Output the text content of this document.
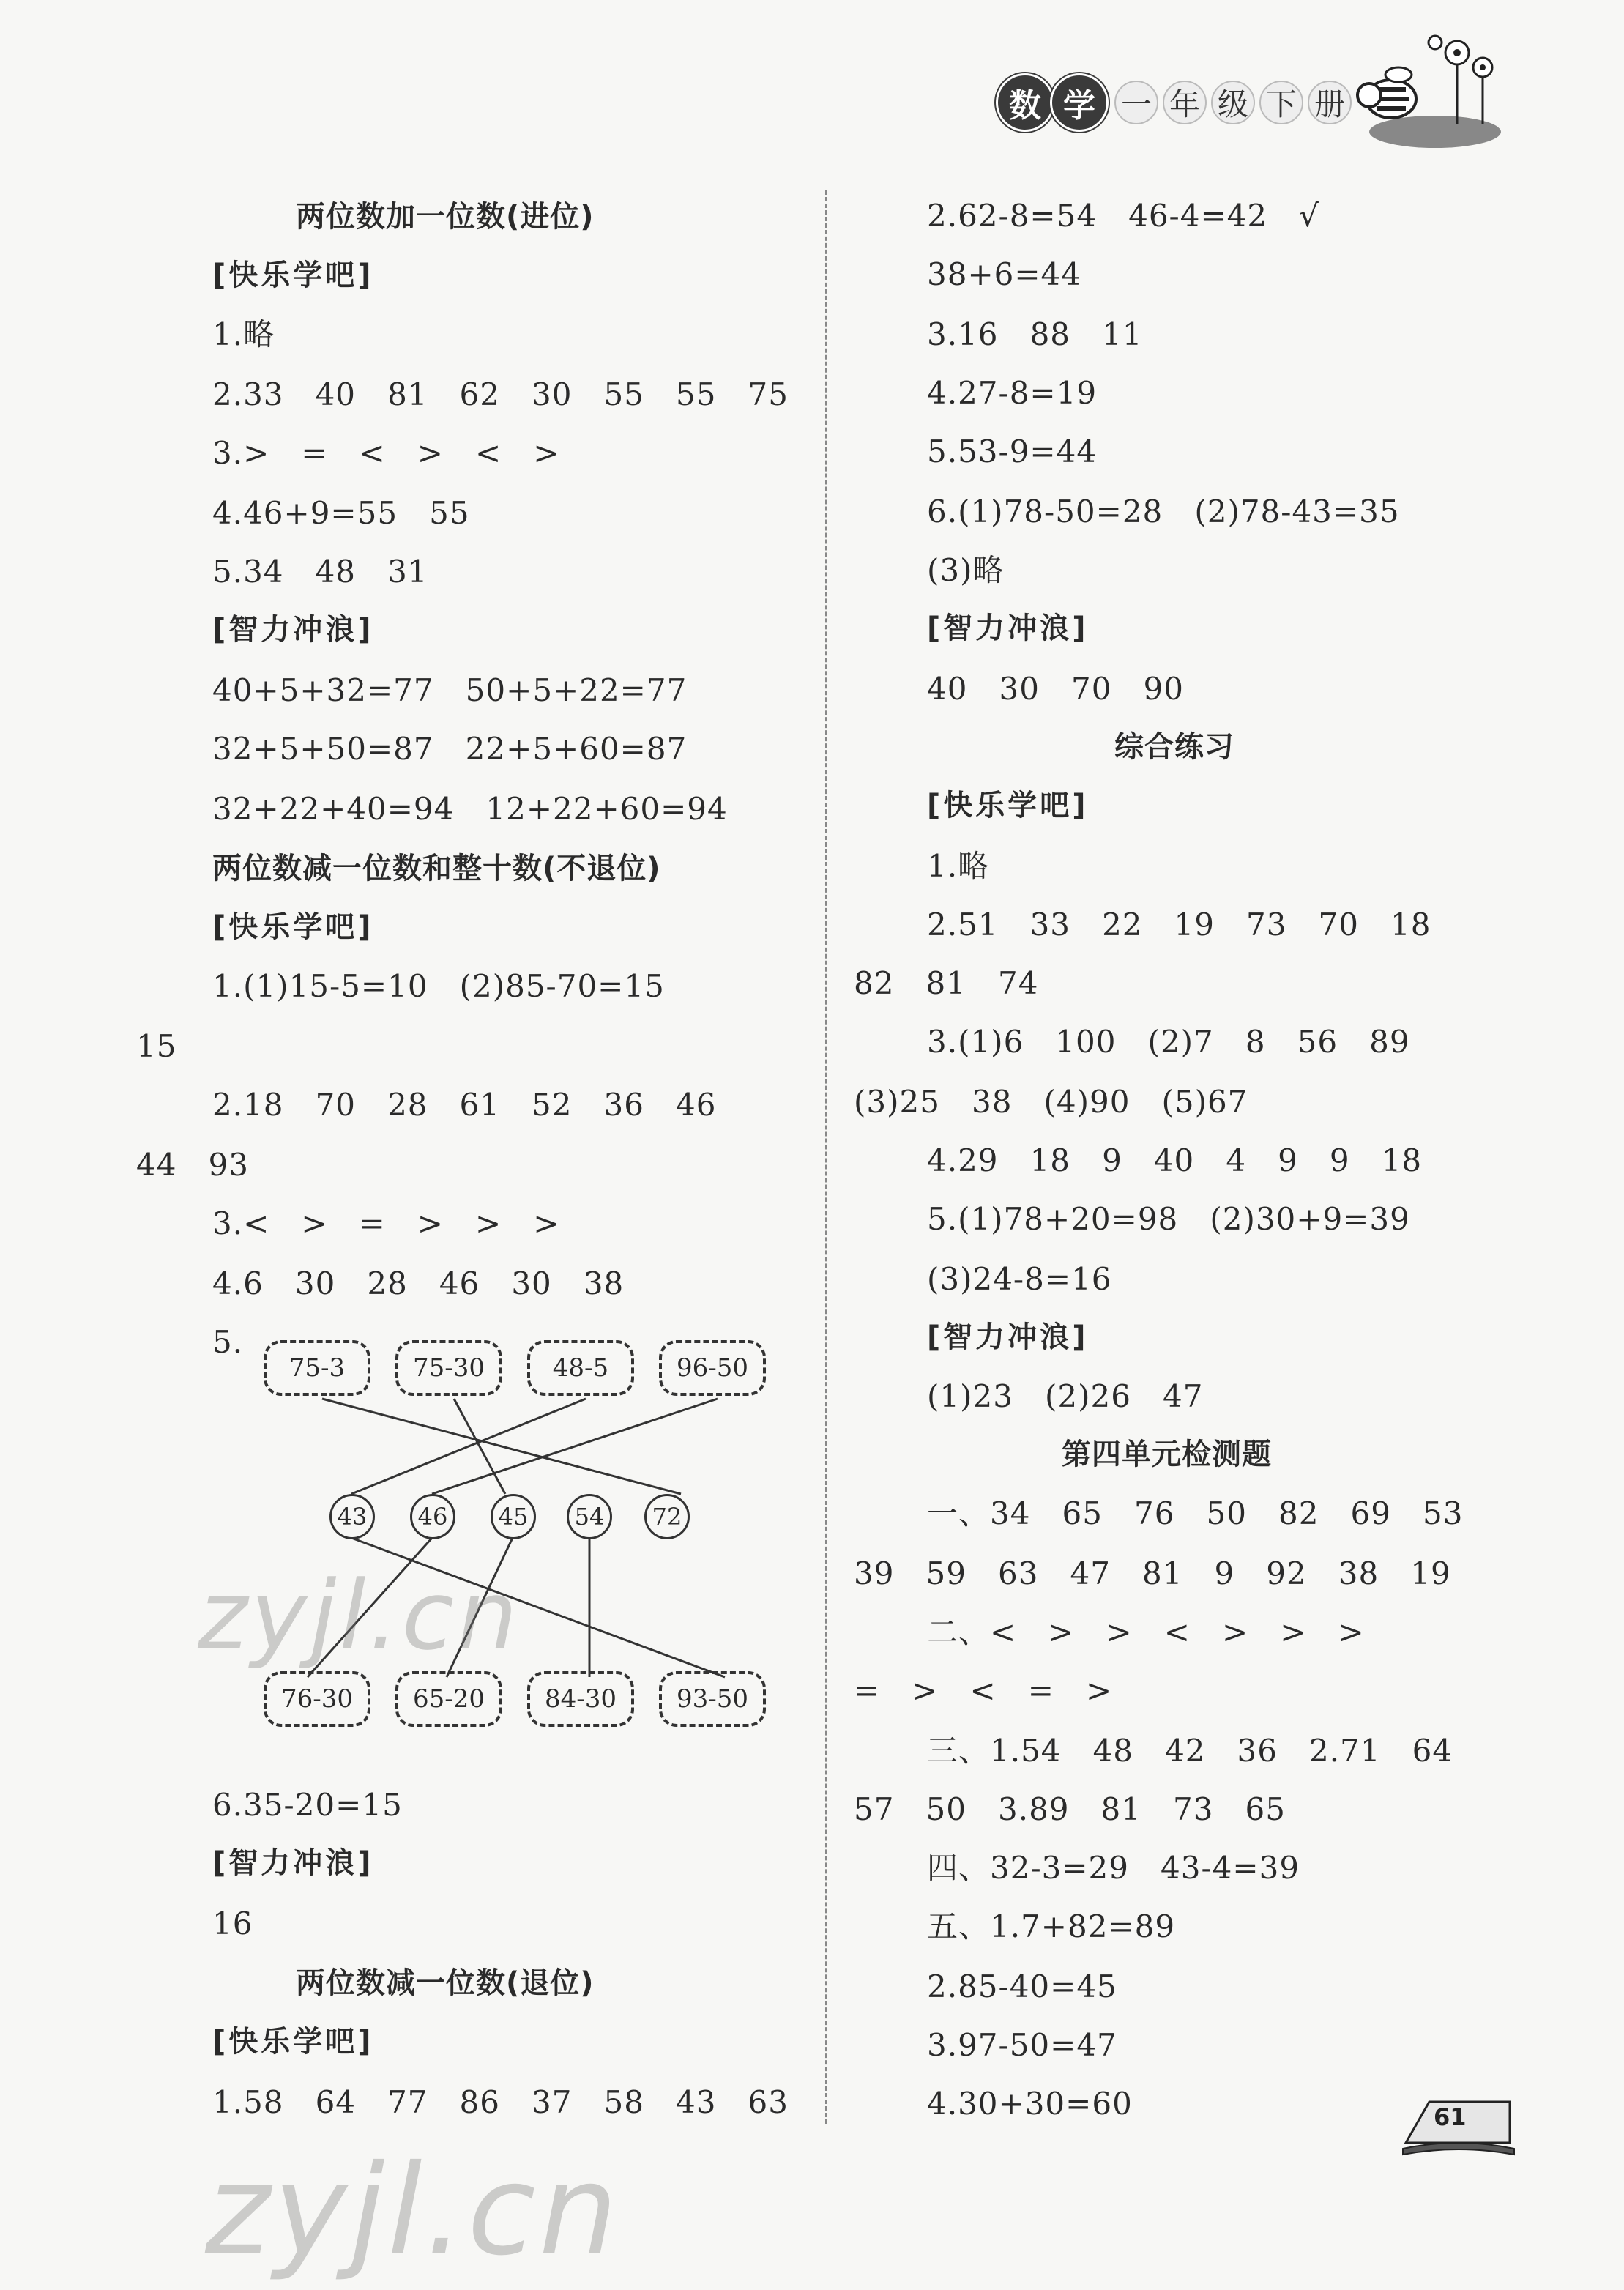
数 学 一 年 级 下 册
两位数加一位数(进位)
[快乐学吧]
1.略
2.33   40   81   62   30   55   55   75
3.>   =   <   >   <   >
4.46+9=55   55
5.34   48   31
[智力冲浪]
40+5+32=77   50+5+22=77
32+5+50=87   22+5+60=87
32+22+40=94   12+22+60=94
两位数减一位数和整十数(不退位)
[快乐学吧]
1.(1)15-5=10   (2)85-70=15
15
2.18   70   28   61   52   36   46
44   93
3.<   >   =   >   >   >
4.6   30   28   46   30   38
5.
75-3	75-30	48-5	96-50
43	46	45	54	72
76-30	65-20	84-30	93-50
6.35-20=15
[智力冲浪]
16
两位数减一位数(退位)
[快乐学吧]
1.58   64   77   86   37   58   43   63
2.62-8=54   46-4=42   √
38+6=44
3.16   88   11
4.27-8=19
5.53-9=44
6.(1)78-50=28   (2)78-43=35
(3)略
[智力冲浪]
40   30   70   90
综合练习
[快乐学吧]
1.略
2.51   33   22   19   73   70   18
82   81   74
3.(1)6   100   (2)7   8   56   89
(3)25   38   (4)90   (5)67
4.29   18   9   40   4   9   9   18
5.(1)78+20=98   (2)30+9=39
(3)24-8=16
[智力冲浪]
(1)23   (2)26   47
第四单元检测题
一、34   65   76   50   82   69   53
39   59   63   47   81   9   92   38   19
二、<   >   >   <   >   >   >
=   >   <   =   >
三、1.54   48   42   36   2.71   64
57   50   3.89   81   73   65
四、32-3=29   43-4=39
五、1.7+82=89
2.85-40=45
3.97-50=47
4.30+30=60	61
zyjl.cn
zyjl.cn
